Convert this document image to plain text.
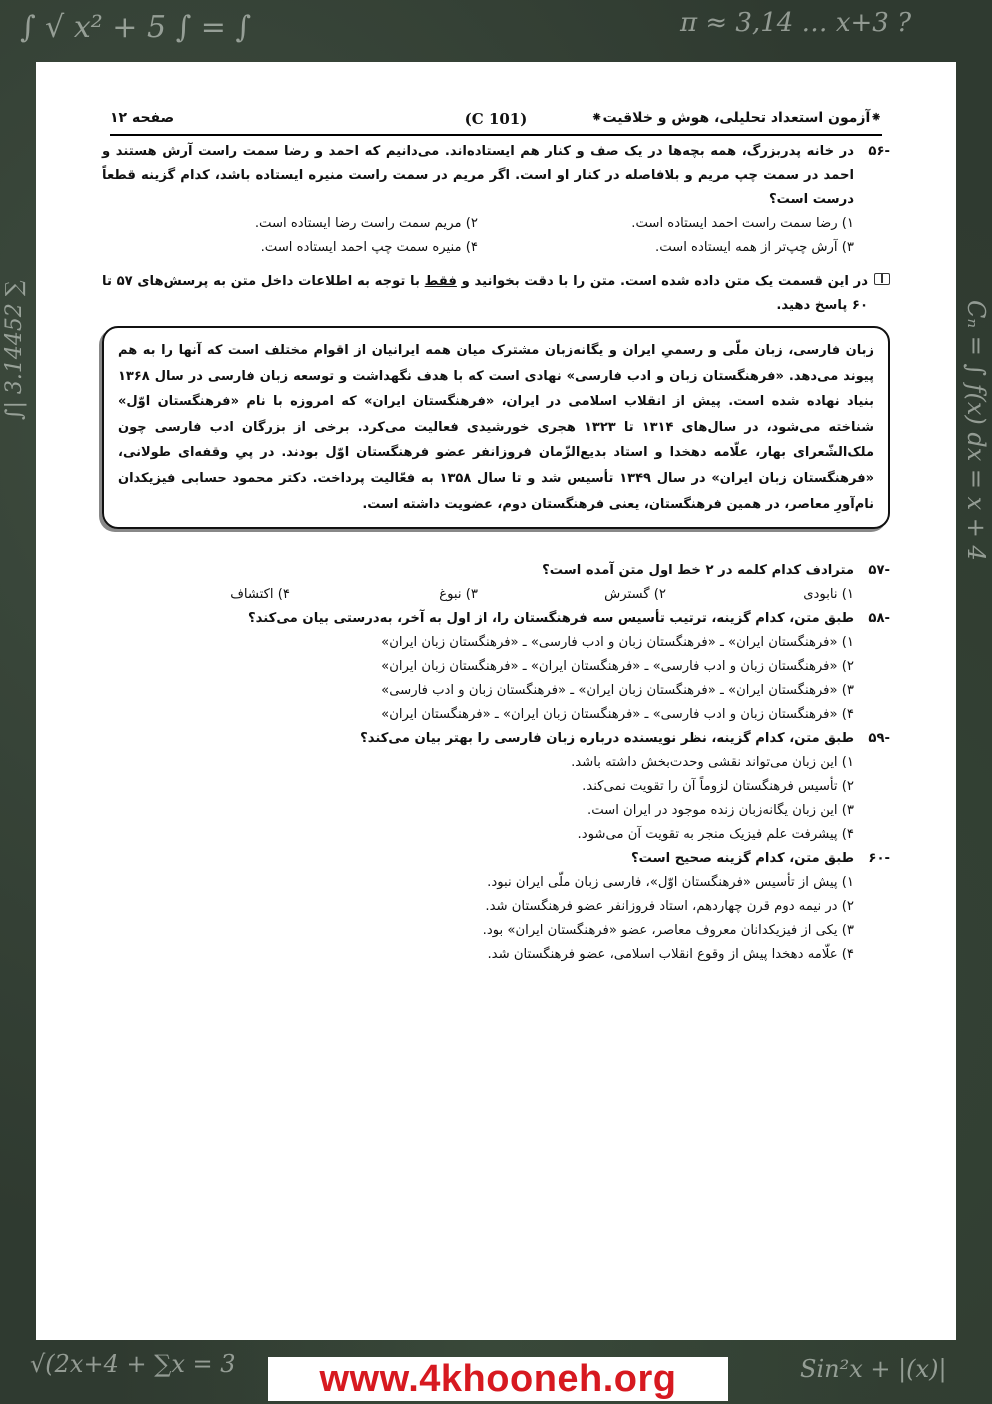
∫ √ x² + 5 ∫ = ∫	π ≈ 3,14 … x+3 ?
∫| 3.14452 ∑	Cₙ = ∫ f(x) dx = x + 4
√(2x+4 + ∑x = 3	Sin²x + |(x)|
⁕آزمون استعداد تحلیلی، هوش و خلاقیت⁕
(101 C)
صفحه ۱۲
-۵۶
در خانه پدربزرگ، همه بچه‌ها در یک صف و کنار هم ایستاده‌اند. می‌دانیم که احمد و رضا سمت راست آرش هستند و احمد در سمت چپ مریم و بلافاصله در کنار او است. اگر مریم در سمت راست منیره ایستاده باشد، کدام گزینه قطعاً درست است؟
۱) رضا سمت راست احمد ایستاده است.
۲) مریم سمت راست رضا ایستاده است.
۳) آرش چپ‌تر از همه ایستاده است.
۴) منیره سمت چپ احمد ایستاده است.
در این قسمت یک متن داده شده است. متن را با دقت بخوانید و فقط با توجه به اطلاعات داخل متن به پرسش‌های ۵۷ تا ۶۰ پاسخ دهید.
زبان فارسی، زبان ملّی و رسمیِ ایران و یگانه‌زبان مشترک میان همه ایرانیان از اقوام مختلف است که آنها را به هم پیوند می‌دهد. «فرهنگستان زبان و ادب فارسی» نهادی است که با هدف نگهداشت و توسعه زبان فارسی در سال ۱۳۶۸ بنیاد نهاده شده است. پیش از انقلاب اسلامی در ایران، «فرهنگستان ایران» که امروزه با نام «فرهنگستان اوّل» شناخته می‌شود، در سال‌های ۱۳۱۴ تا ۱۳۲۳ هجری خورشیدی فعالیت می‌کرد. برخی از بزرگان ادب فارسی چون ملک‌الشّعرای بهار، علّامه دهخدا و استاد بدیع‌الزّمان فروزانفر عضو فرهنگستان اوّل بودند. در پیِ وقفه‌ای طولانی، «فرهنگستان زبان ایران» در سال ۱۳۴۹ تأسیس شد و تا سال ۱۳۵۸ به فعّالیت پرداخت. دکتر محمود حسابی فیزیکدان نام‌آورِ معاصر، در همین فرهنگستان، یعنی فرهنگستان دوم، عضویت داشته است.
-۵۷
مترادف کدام کلمه در ۲ خط اول متن آمده است؟
۱) نابودی
۲) گسترش
۳) نبوغ
۴) اکتشاف
-۵۸
طبق متن، کدام گزینه، ترتیب تأسیس سه فرهنگستان را، از اول به آخر، به‌درستی بیان می‌کند؟
۱) «فرهنگستان ایران» ـ «فرهنگستان زبان و ادب فارسی» ـ «فرهنگستان زبان ایران»
۲) «فرهنگستان زبان و ادب فارسی» ـ «فرهنگستان ایران» ـ «فرهنگستان زبان ایران»
۳) «فرهنگستان ایران» ـ «فرهنگستان زبان ایران» ـ «فرهنگستان زبان و ادب فارسی»
۴) «فرهنگستان زبان و ادب فارسی» ـ «فرهنگستان زبان ایران» ـ «فرهنگستان ایران»
-۵۹
طبق متن، کدام گزینه، نظر نویسنده درباره زبان فارسی را بهتر بیان می‌کند؟
۱) این زبان می‌تواند نقشی وحدت‌بخش داشته باشد.
۲) تأسیس فرهنگستان لزوماً آن را تقویت نمی‌کند.
۳) این زبان یگانه‌زبان زنده موجود در ایران است.
۴) پیشرفت علم فیزیک منجر به تقویت آن می‌شود.
-۶۰
طبق متن، کدام گزینه صحیح است؟
۱) پیش از تأسیس «فرهنگستان اوّل»، فارسی زبان ملّی ایران نبود.
۲) در نیمه دوم قرن چهاردهم، استاد فروزانفر عضو فرهنگستان شد.
۳) یکی از فیزیکدانان معروف معاصر، عضو «فرهنگستان ایران» بود.
۴) علّامه دهخدا پیش از وقوع انقلاب اسلامی، عضو فرهنگستان شد.
www.4khooneh.org
